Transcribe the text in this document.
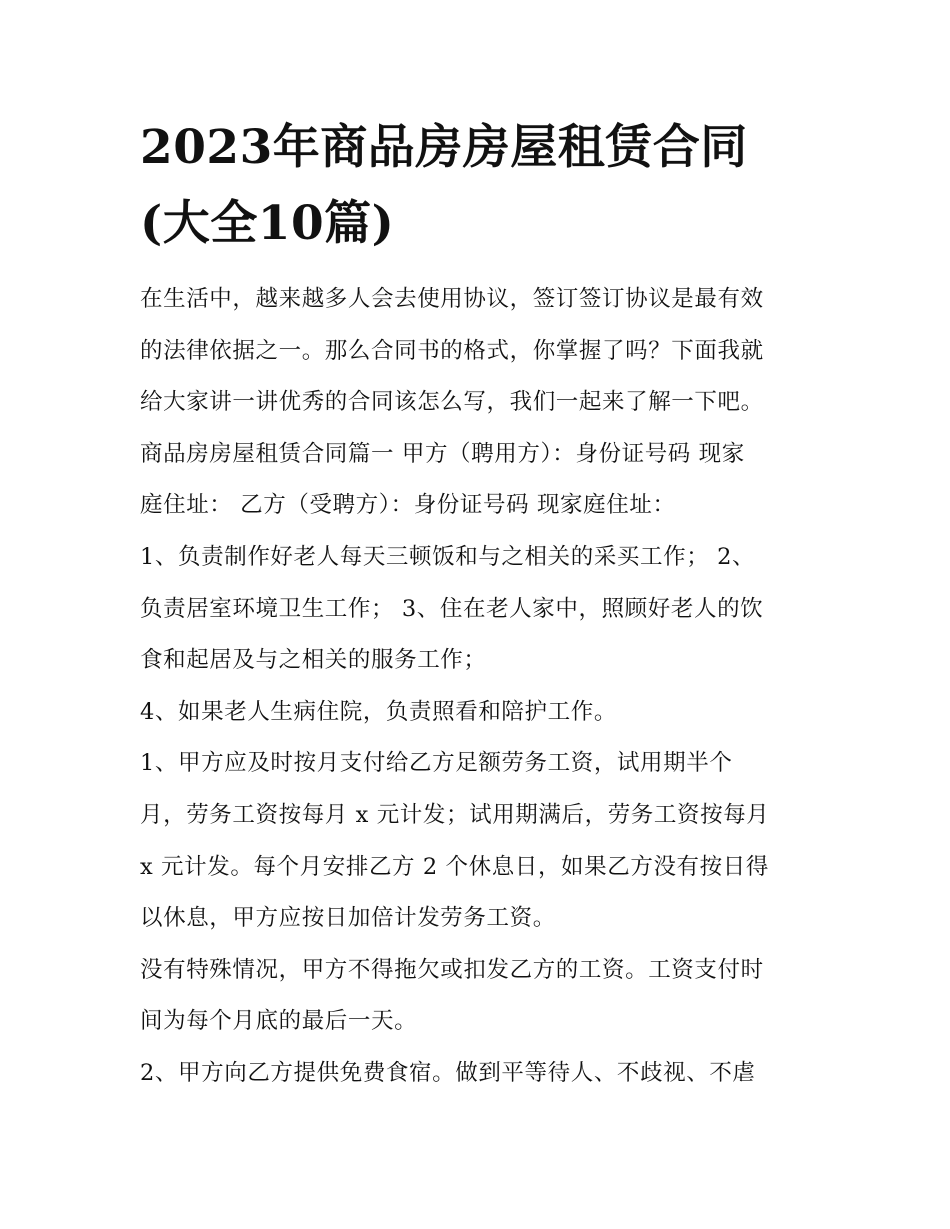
2023年商品房房屋租赁合同
(大全10篇)
在生活中，越来越多人会去使用协议，签订签订协议是最有效
的法律依据之一。那么合同书的格式，你掌握了吗？下面我就
给大家讲一讲优秀的合同该怎么写，我们一起来了解一下吧。
商品房房屋租赁合同篇一 甲方（聘用方）：身份证号码 现家
庭住址： 乙方（受聘方）：身份证号码 现家庭住址：
1、负责制作好老人每天三顿饭和与之相关的采买工作； 2、
负责居室环境卫生工作； 3、住在老人家中，照顾好老人的饮
食和起居及与之相关的服务工作；
4、如果老人生病住院，负责照看和陪护工作。
1、甲方应及时按月支付给乙方足额劳务工资，试用期半个
月，劳务工资按每月 x 元计发；试用期满后，劳务工资按每月
x 元计发。每个月安排乙方 2 个休息日，如果乙方没有按日得
以休息，甲方应按日加倍计发劳务工资。
没有特殊情况，甲方不得拖欠或扣发乙方的工资。工资支付时
间为每个月底的最后一天。
2、甲方向乙方提供免费食宿。做到平等待人、不歧视、不虐
